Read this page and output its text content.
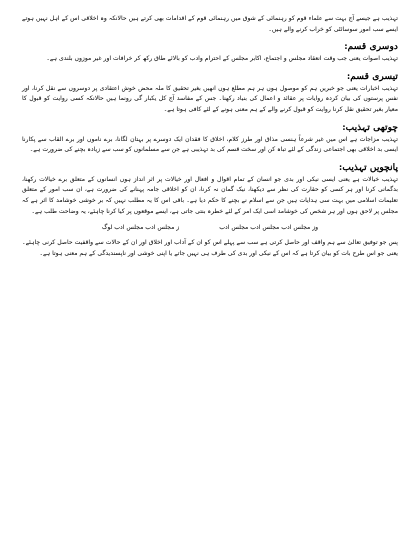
تہذیب ہے جیسے آج بہت سے علماء قوم کو رہنمائی کے شوق میں رہنمائی قوم کے اقدامات بھی کرتے ہیں حالانکہ وہ اخلاقی اس کے اہل نہیں ہوتے ایسے سب امور سوسائٹی کو خراب کرنے والے ہیں۔

دوسری قسم:

تہذیب اصوات یعنی جب وقت انعقاد مجلس و اجتماع، اکابر مجلس کے احترام وادب کو بالائے طاق رکھ کر خرافات اور غیر موزوں بلندی ہے۔

تیسری قسم:

تہذیب اخبارات یعنی جو خبریں ہم کو موصول ہوں ہر ہم مطلع ہوں انھیں بغیر تحقیق کا ملہ محض خوش اعتقادی پر دوسروں سے نقل کرنا، اور نفس پرستوں کی بیان کردہ روایات پر عقائد و اعمال کی بنیاد رکھنا۔ جس کے مفاسد آج کل یکبار گی رونما ہیں حالانکہ کسی روایت کو قبول کا معیار بغیر تحقیق نقل کرنا روایت کو قبول کرنے والے کے ہم معنی ہونے کے لئے کافی ہوتا ہے۔

چوتھی تہذیب:

تہذیب مزاجات ہے اس میں غیر شرعاً ہنسی مذاق اور طرز کلام، اخلاق کا فقدان ایک دوسرے پر بہتان لگانا، برے ناموں اور برے القاب سے پکارنا ایسی بد اخلاقی بھی اجتماعی زندگی کے لئے تباہ کن اور سخت قسم کی بد تہذیبی ہے جن سے مسلمانوں کو سب سے زیادہ بچنے کی ضرورت ہے۔

پانچویں تہذیب:

تہذیب خیالات ہے یعنی ایسی نیکی اور بدی جو انسان کے تمام اقوال و افعال اور خیالات پر اثر انداز ہوں انسانوں کے متعلق برے خیالات رکھنا، بدگمانی کرنا اور ہر کسی کو حقارت کی نظر سے دیکھنا، نیک گمان نہ کرنا، ان کو اخلاقی جامہ پہنانے کی ضرورت ہے، ان سب امور کے متعلق تعلیمات اسلامی میں بہت سی ہدایات ہیں جن سے اسلام نے بچنے کا حکم دیا ہے۔ باقی اس کا یہ مطلب نہیں کہ بر خوشی خوشامد کا اثر ہے کہ مجلس پر لاحق ہوں اور ہر شخص کی خوشامد اسی ایک امر کے لئے خطرہ بنتی جاتی ہے، ایسے موقعوں پر کیا کرنا چاہئے، یہ وضاحت طلب ہے۔

وز مجلس ادب مجلس ادب مجلس ادب
ز مجلس ادب مجلس ادب لوگ

پس جو توفیق تعالیٰ سے ہم واقف اور حاصل کرتی ہے سب سے پہلے اس کو ان کے آداب اور اخلاق اور ان کے حالات سے واقفیت حاصل کرنی چاہئے۔ یعنی جو اس طرح بات کو بیان کرتا ہے کہ اس کے نیکی اور بدی کی طرف ہی نہیں جاتے یا اپنی خوشی اور ناپسندیدگی کے ہم معنی ہوتا ہے۔
